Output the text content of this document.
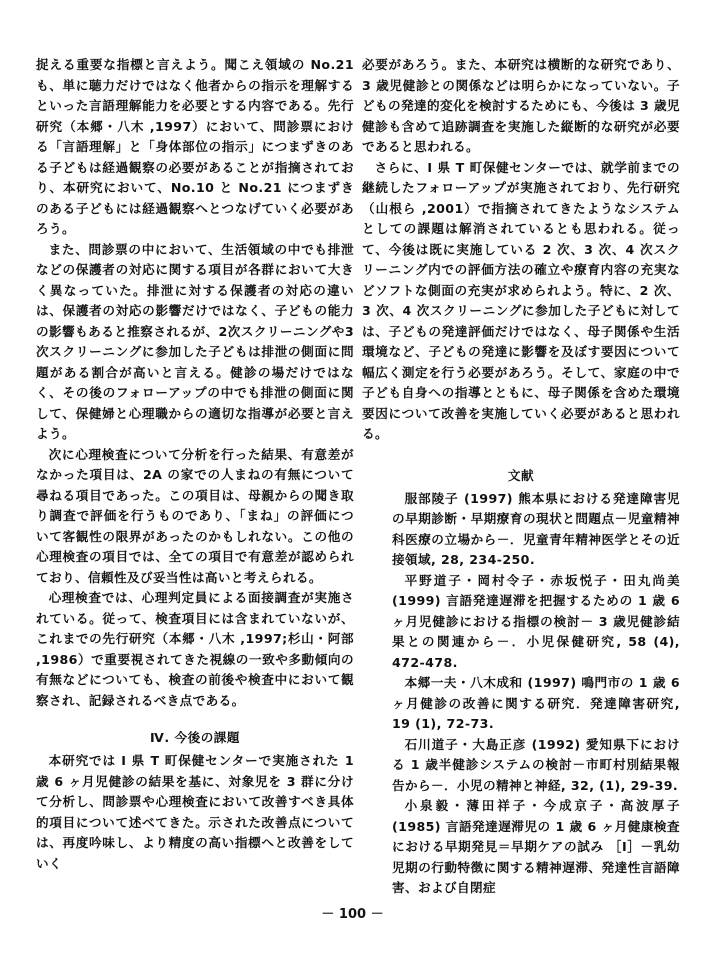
捉える重要な指標と言えよう。聞こえ領域の No.21 も、単に聴力だけではなく他者からの指示を理解するといった言語理解能力を必要とする内容である。先行研究（本郷・八木 ,1997）において、問診票における「言語理解」と「身体部位の指示」につまずきのある子どもは経過観察の必要があることが指摘されており、本研究において、No.10 と No.21 につまずきのある子どもには経過観察へとつなげていく必要があろう。

また、問診票の中において、生活領域の中でも排泄などの保護者の対応に関する項目が各群において大きく異なっていた。排泄に対する保護者の対応の違いは、保護者の対応の影響だけではなく、子どもの能力の影響もあると推察されるが、2次スクリーニングや3次スクリーニングに参加した子どもは排泄の側面に問題がある割合が高いと言える。健診の場だけではなく、その後のフォローアップの中でも排泄の側面に関して、保健婦と心理職からの適切な指導が必要と言えよう。

次に心理検査について分析を行った結果、有意差がなかった項目は、2A の家での人まねの有無について尋ねる項目であった。この項目は、母親からの聞き取り調査で評価を行うものであり、「まね」の評価について客観性の限界があったのかもしれない。この他の心理検査の項目では、全ての項目で有意差が認められており、信頼性及び妥当性は高いと考えられる。

心理検査では、心理判定員による面接調査が実施されている。従って、検査項目には含まれていないが、これまでの先行研究（本郷・八木 ,1997;杉山・阿部 ,1986）で重要視されてきた視線の一致や多動傾向の有無などについても、検査の前後や検査中において観察され、記録されるべき点である。

Ⅳ. 今後の課題

本研究では I 県 T 町保健センターで実施された 1 歳 6 ヶ月児健診の結果を基に、対象児を 3 群に分けて分析し、問診票や心理検査において改善すべき具体的項目について述べてきた。示された改善点については、再度吟味し、より精度の高い指標へと改善をしていく

必要があろう。また、本研究は横断的な研究であり、3 歳児健診との関係などは明らかになっていない。子どもの発達的変化を検討するためにも、今後は 3 歳児健診も含めて追跡調査を実施した縦断的な研究が必要であると思われる。

さらに、I 県 T 町保健センターでは、就学前までの継続したフォローアップが実施されており、先行研究（山根ら ,2001）で指摘されてきたようなシステムとしての課題は解消されているとも思われる。従って、今後は既に実施している 2 次、3 次、4 次スクリーニング内での評価方法の確立や療育内容の充実などソフトな側面の充実が求められよう。特に、2 次、3 次、4 次スクリーニングに参加した子どもに対しては、子どもの発達評価だけではなく、母子関係や生活環境など、子どもの発達に影響を及ぼす要因について幅広く測定を行う必要があろう。そして、家庭の中で子ども自身への指導とともに、母子関係を含めた環境要因について改善を実施していく必要があると思われる。

文献

服部陵子 (1997) 熊本県における発達障害児の早期診断・早期療育の現状と問題点－児童精神科医療の立場から－．児童青年精神医学とその近接領域, 28, 234-250.

平野道子・岡村令子・赤坂悦子・田丸尚美 (1999) 言語発達遅滞を把握するための 1 歳 6 ヶ月児健診における指標の検討－ 3 歳児健診結果との関連から－．小児保健研究, 58 (4), 472-478.

本郷一夫・八木成和 (1997) 鳴門市の 1 歳 6 ヶ月健診の改善に関する研究．発達障害研究, 19 (1), 72-73.

石川道子・大島正彦 (1992) 愛知県下における 1 歳半健診システムの検討－市町村別結果報告から－．小児の精神と神経, 32, (1), 29-39.

小泉毅・薄田祥子・今成京子・高波厚子 (1985) 言語発達遅滞児の 1 歳 6 ヶ月健康検査における早期発見＝早期ケアの試み ［Ⅰ］－乳幼児期の行動特徴に関する精神遅滞、発達性言語障害、および自閉症

－ 100 －
